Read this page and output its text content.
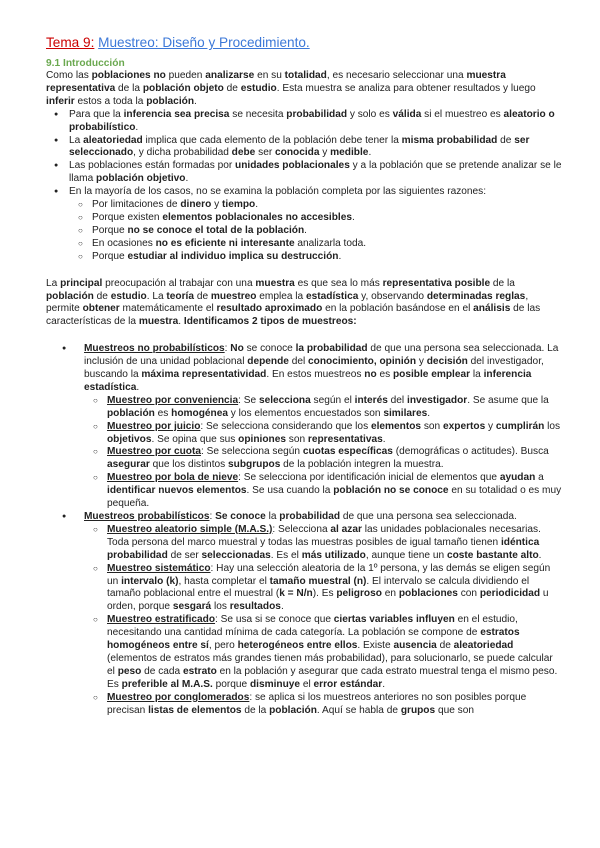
Tema 9: Muestreo: Diseño y Procedimiento.
9.1 Introducción

Como las poblaciones no pueden analizarse en su totalidad, es necesario seleccionar una muestra representativa de la población objeto de estudio. Esta muestra se analiza para obtener resultados y luego inferir estos a toda la población.

● Para que la inferencia sea precisa se necesita probabilidad y solo es válida si el muestreo es aleatorio o probabilístico.
● La aleatoriedad implica que cada elemento de la población debe tener la misma probabilidad de ser seleccionado, y dicha probabilidad debe ser conocida y medible.
● Las poblaciones están formadas por unidades poblacionales y a la población que se pretende analizar se le llama población objetivo.
● En la mayoría de los casos, no se examina la población completa por las siguientes razones:
○ Por limitaciones de dinero y tiempo.
○ Porque existen elementos poblacionales no accesibles.
○ Porque no se conoce el total de la población.
○ En ocasiones no es eficiente ni interesante analizarla toda.
○ Porque estudiar al individuo implica su destrucción.

La principal preocupación al trabajar con una muestra es que sea lo más representativa posible de la población de estudio. La teoría de muestreo emplea la estadística y, observando determinadas reglas, permite obtener matemáticamente el resultado aproximado en la población basándose en el análisis de las características de la muestra. Identificamos 2 tipos de muestreos:

● Muestreos no probabilísticos: No se conoce la probabilidad de que una persona sea seleccionada. La inclusión de una unidad poblacional depende del conocimiento, opinión y decisión del investigador, buscando la máxima representatividad. En estos muestreos no es posible emplear la inferencia estadística.
○ Muestreo por conveniencia: Se selecciona según el interés del investigador. Se asume que la población es homogénea y los elementos encuestados son similares.
○ Muestreo por juicio: Se selecciona considerando que los elementos son expertos y cumplirán los objetivos. Se opina que sus opiniones son representativas.
○ Muestreo por cuota: Se selecciona según cuotas específicas (demográficas o actitudes). Busca asegurar que los distintos subgrupos de la población integren la muestra.
○ Muestreo por bola de nieve: Se selecciona por identificación inicial de elementos que ayudan a identificar nuevos elementos. Se usa cuando la población no se conoce en su totalidad o es muy pequeña.
● Muestreos probabilísticos: Se conoce la probabilidad de que una persona sea seleccionada.
○ Muestreo aleatorio simple (M.A.S.): Selecciona al azar las unidades poblacionales necesarias. Toda persona del marco muestral y todas las muestras posibles de igual tamaño tienen idéntica probabilidad de ser seleccionadas. Es el más utilizado, aunque tiene un coste bastante alto.
○ Muestreo sistemático: Hay una selección aleatoria de la 1º persona, y las demás se eligen según un intervalo (k), hasta completar el tamaño muestral (n). El intervalo se calcula dividiendo el tamaño poblacional entre el muestral (k = N/n). Es peligroso en poblaciones con periodicidad u orden, porque sesgará los resultados.
○ Muestreo estratificado: Se usa si se conoce que ciertas variables influyen en el estudio, necesitando una cantidad mínima de cada categoría. La población se compone de estratos homogéneos entre sí, pero heterogéneos entre ellos. Existe ausencia de aleatoriedad (elementos de estratos más grandes tienen más probabilidad), para solucionarlo, se puede calcular el peso de cada estrato en la población y asegurar que cada estrato muestral tenga el mismo peso. Es preferible al M.A.S. porque disminuye el error estándar.
○ Muestreo por conglomerados: se aplica si los muestreos anteriores no son posibles porque precisan listas de elementos de la población. Aquí se habla de grupos que son
